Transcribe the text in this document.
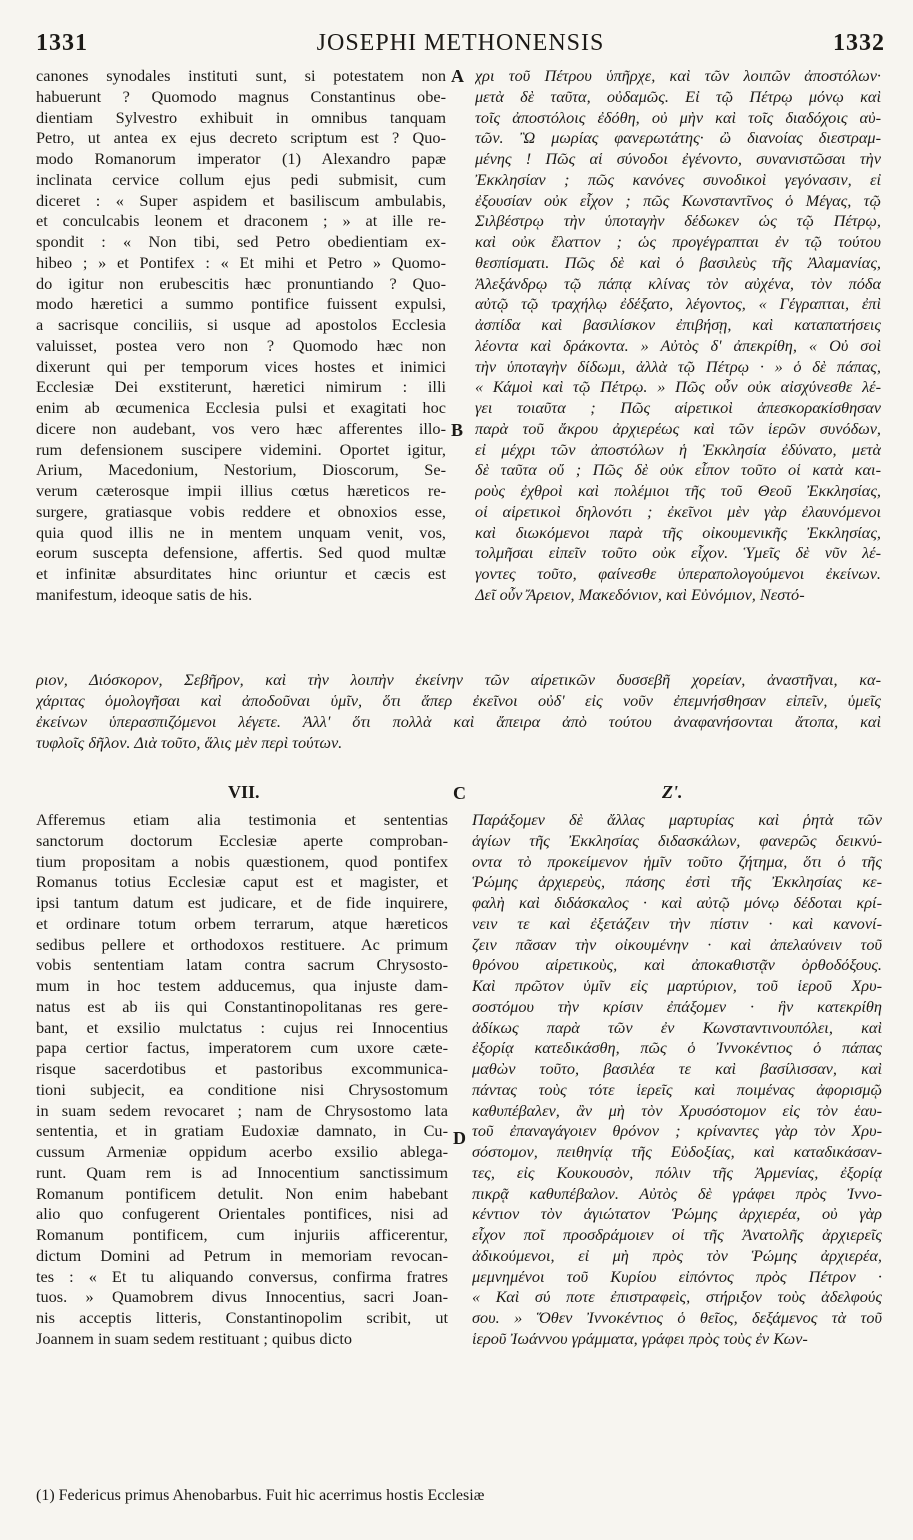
1331	JOSEPHI METHONENSIS	1332
canones synodales instituti sunt, si potestatem non
habuerunt ? Quomodo magnus Constantinus obe-
dientiam Sylvestro exhibuit in omnibus tanquam
Petro, ut antea ex ejus decreto scriptum est ? Quo-
modo Romanorum imperator (1) Alexandro papæ
inclinata cervice collum ejus pedi submisit, cum
diceret : « Super aspidem et basiliscum ambulabis,
et conculcabis leonem et draconem ; » at ille re-
spondit : « Non tibi, sed Petro obedientiam ex-
hibeo ; » et Pontifex : « Et mihi et Petro » Quomo-
do igitur non erubescitis hæc pronuntiando ? Quo-
modo hæretici a summo pontifice fuissent expulsi,
a sacrisque conciliis, si usque ad apostolos Ecclesia
valuisset, postea vero non ? Quomodo hæc non
dixerunt qui per temporum vices hostes et inimici
Ecclesiæ Dei exstiterunt, hæretici nimirum : illi
enim ab œcumenica Ecclesia pulsi et exagitati hoc
dicere non audebant, vos vero hæc afferentes illo-
rum defensionem suscipere videmini. Oportet igitur,
Arium, Macedonium, Nestorium, Dioscorum, Se-
verum cæterosque impii illius cœtus hæreticos re-
surgere, gratiasque vobis reddere et obnoxios esse,
quia quod illis ne in mentem unquam venit, vos,
eorum suscepta defensione, affertis. Sed quod multæ
et infinitæ absurditates hinc oriuntur et cæcis est
manifestum, ideoque satis de his.
χρι τοῦ Πέτρου ὑπῆρχε, καὶ τῶν λοιπῶν ἀποστόλων·
μετὰ δὲ ταῦτα, οὐδαμῶς. Εἰ τῷ Πέτρῳ μόνῳ καὶ
τοῖς ἀποστόλοις ἐδόθη, οὐ μὴν καὶ τοῖς διαδόχοις αὐ-
τῶν. Ὢ μωρίας φανερωτάτης· ὢ διανοίας διεστραμ-
μένης ! Πῶς αἱ σύνοδοι ἐγένοντο, συνανιστῶσαι τὴν
Ἐκκλησίαν ; πῶς κανόνες συνοδικοὶ γεγόνασιν, εἰ
ἐξουσίαν οὐκ εἶχον ; πῶς Κωνσταντῖνος ὁ Μέγας, τῷ
Σιλβέστρῳ τὴν ὑποταγὴν δέδωκεν ὡς τῷ Πέτρῳ,
καὶ οὐκ ἔλαττον ; ὡς προγέγραπται ἐν τῷ τούτου
θεσπίσματι. Πῶς δὲ καὶ ὁ βασιλεὺς τῆς Ἀλαμανίας,
Ἀλεξάνδρῳ τῷ πάπᾳ κλίνας τὸν αὐχένα, τὸν πόδα
αὐτῷ τῷ τραχήλῳ ἐδέξατο, λέγοντος, « Γέγραπται, ἐπὶ
ἀσπίδα καὶ βασιλίσκον ἐπιβήσῃ, καὶ καταπατήσεις
λέοντα καὶ δράκοντα. » Αὐτὸς δ' ἀπεκρίθη, « Οὐ σοὶ
τὴν ὑποταγὴν δίδωμι, ἀλλὰ τῷ Πέτρῳ · » ὁ δὲ πάπας,
« Κάμοὶ καὶ τῷ Πέτρῳ. » Πῶς οὖν οὐκ αἰσχύνεσθε λέ-
γει τοιαῦτα ; Πῶς αἱρετικοὶ ἀπεσκορακίσθησαν
παρὰ τοῦ ἄκρου ἀρχιερέως καὶ τῶν ἱερῶν συνόδων,
εἰ μέχρι τῶν ἀποστόλων ἡ Ἐκκλησία ἐδύνατο, μετὰ
δὲ ταῦτα οὔ ; Πῶς δὲ οὐκ εἶπον τοῦτο οἱ κατὰ και-
ροὺς ἐχθροὶ καὶ πολέμιοι τῆς τοῦ Θεοῦ Ἐκκλησίας,
οἱ αἱρετικοὶ δηλονότι ; ἐκεῖνοι μὲν γὰρ ἐλαυνόμενοι
καὶ διωκόμενοι παρὰ τῆς οἰκουμενικῆς Ἐκκλησίας,
τολμῆσαι εἰπεῖν τοῦτο οὐκ εἶχον. Ὑμεῖς δὲ νῦν λέ-
γοντες τοῦτο, φαίνεσθε ὑπεραπολογούμενοι ἐκείνων.
Δεῖ οὖν Ἄρειον, Μακεδόνιον, καὶ Εὐνόμιον, Νεστό-
A
B
C
D
ριον, Διόσκορον, Σεβῆρον, καὶ τὴν λοιπὴν ἐκείνην τῶν αἱρετικῶν δυσσεβῆ χορείαν, ἀναστῆναι, κα-
χάριτας ὁμολογῆσαι καὶ ἀποδοῦναι ὑμῖν, ὅτι ἅπερ ἐκεῖνοι οὐδ' εἰς νοῦν ἐπεμνήσθησαν εἰπεῖν, ὑμεῖς
ἐκείνων ὑπερασπιζόμενοι λέγετε. Ἀλλ' ὅτι πολλὰ καὶ ἄπειρα ἀπὸ τούτου ἀναφανήσονται ἄτοπα, καὶ
τυφλοῖς δῆλον. Διὰ τοῦτο, ἅλις μὲν περὶ τούτων.
VII.	Ζ'.
Afferemus etiam alia testimonia et sententias
sanctorum doctorum Ecclesiæ aperte comproban-
tium propositam a nobis quæstionem, quod pontifex
Romanus totius Ecclesiæ caput est et magister, et
ipsi tantum datum est judicare, et de fide inquirere,
et ordinare totum orbem terrarum, atque hæreticos
sedibus pellere et orthodoxos restituere. Ac primum
vobis sententiam latam contra sacrum Chrysosto-
mum in hoc testem adducemus, qua injuste dam-
natus est ab iis qui Constantinopolitanas res gere-
bant, et exsilio mulctatus : cujus rei Innocentius
papa certior factus, imperatorem cum uxore cæte-
risque sacerdotibus et pastoribus excommunica-
tioni subjecit, ea conditione nisi Chrysostomum
in suam sedem revocaret ; nam de Chrysostomo lata
sententia, et in gratiam Eudoxiæ damnato, in Cu-
cussum Armeniæ oppidum acerbo exsilio ablega-
runt. Quam rem is ad Innocentium sanctissimum
Romanum pontificem detulit. Non enim habebant
alio quo confugerent Orientales pontifices, nisi ad
Romanum pontificem, cum injuriis afficerentur,
dictum Domini ad Petrum in memoriam revocan-
tes : « Et tu aliquando conversus, confirma fratres
tuos. » Quamobrem divus Innocentius, sacri Joan-
nis acceptis litteris, Constantinopolim scribit, ut
Joannem in suam sedem restituant ; quibus dicto
Παράξομεν δὲ ἄλλας μαρτυρίας καὶ ῥητὰ τῶν
ἁγίων τῆς Ἐκκλησίας διδασκάλων, φανερῶς δεικνύ-
οντα τὸ προκείμενον ἡμῖν τοῦτο ζήτημα, ὅτι ὁ τῆς
Ῥώμης ἀρχιερεὺς, πάσης ἐστὶ τῆς Ἐκκλησίας κε-
φαλὴ καὶ διδάσκαλος · καὶ αὐτῷ μόνῳ δέδοται κρί-
νειν τε καὶ ἐξετάζειν τὴν πίστιν · καὶ κανονί-
ζειν πᾶσαν τὴν οἰκουμένην · καὶ ἀπελαύνειν τοῦ
θρόνου αἱρετικοὺς, καὶ ἀποκαθιστᾷν ὀρθοδόξους.
Καὶ πρῶτον ὑμῖν εἰς μαρτύριον, τοῦ ἱεροῦ Χρυ-
σοστόμου τὴν κρίσιν ἐπάξομεν · ἣν κατεκρίθη
ἀδίκως παρὰ τῶν ἐν Κωνσταντινουπόλει, καὶ
ἐξορίᾳ κατεδικάσθη, πῶς ὁ Ἰννοκέντιος ὁ πάπας
μαθὼν τοῦτο, βασιλέα τε καὶ βασίλισσαν, καὶ
πάντας τοὺς τότε ἱερεῖς καὶ ποιμένας ἀφορισμῷ
καθυπέβαλεν, ἂν μὴ τὸν Χρυσόστομον εἰς τὸν ἑαυ-
τοῦ ἐπαναγάγοιεν θρόνον ; κρίναντες γὰρ τὸν Χρυ-
σόστομον, πειθηνίᾳ τῆς Εὐδοξίας, καὶ καταδικάσαν-
τες, εἰς Κουκουσὸν, πόλιν τῆς Ἀρμενίας, ἐξορίᾳ
πικρᾷ καθυπέβαλον. Αὐτὸς δὲ γράφει πρὸς Ἰννο-
κέντιον τὸν ἁγιώτατον Ῥώμης ἀρχιερέα, οὐ γὰρ
εἶχον ποῖ προσδράμοιεν οἱ τῆς Ἀνατολῆς ἀρχιερεῖς
ἀδικούμενοι, εἰ μὴ πρὸς τὸν Ῥώμης ἀρχιερέα,
μεμνημένοι τοῦ Κυρίου εἰπόντος πρὸς Πέτρον ·
« Καὶ σύ ποτε ἐπιστραφεὶς, στήριξον τοὺς ἀδελφούς
σου. » Ὅθεν Ἰννοκέντιος ὁ θεῖος, δεξάμενος τὰ τοῦ
ἱεροῦ Ἰωάννου γράμματα, γράφει πρὸς τοὺς ἐν Κων-
(1) Federicus primus Ahenobarbus. Fuit hic acerrimus hostis Ecclesiæ
